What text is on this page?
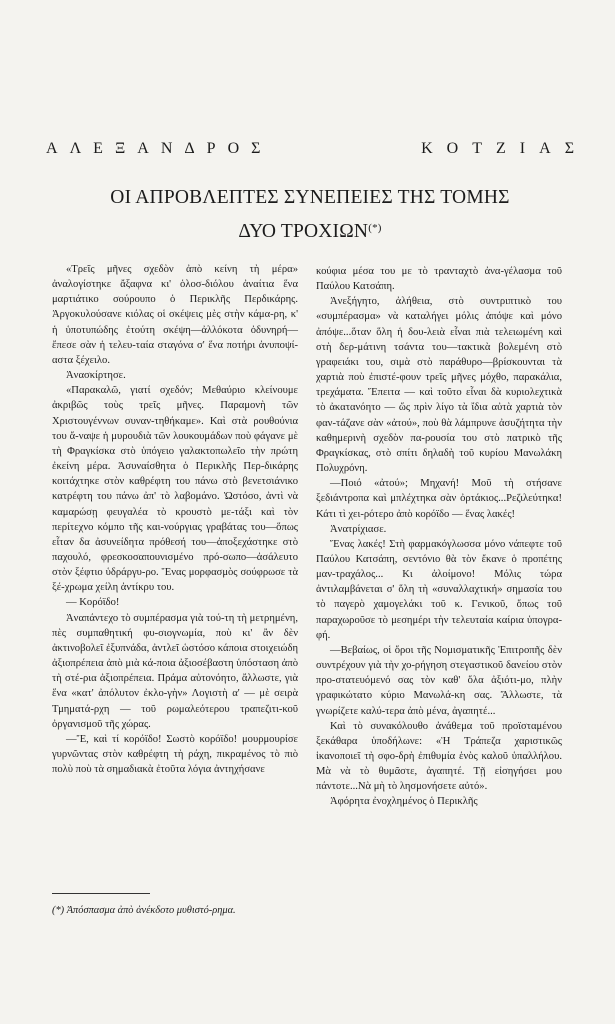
Α Λ Ε Ξ Α Ν Δ Ρ Ο Σ	Κ Ο Τ Ζ Ι Α Σ
ΟΙ ΑΠΡΟΒΛΕΠΤΕΣ ΣΥΝΕΠΕΙΕΣ ΤΗΣ ΤΟΜΗΣ
ΔΥΟ ΤΡΟΧΙΩΝ(*)

«Τρεῖς μῆνες σχεδὸν ἀπὸ κείνη τὴ μέρα» ἀναλογίστηκε ἄξαφνα κι' ὁλοσ-διόλου ἀναίτια ἕνα μαρτιάτικο σούρουπο ὁ Περικλῆς Περδικάρης. Ἀργοκυλούσανε κιόλας οἱ σκέψεις μὲς στὴν κάμα-ρη, κ' ἡ ὑποτυπώδης ἐτούτη σκέψη—ἀλλόκοτα ὀδυνηρή—ἔπεσε σὰν ἡ τελευ-ταία σταγόνα σ' ἕνα ποτήρι ἀνυποψί-αστα ξέχειλο.

Ἀνασκίρτησε.

«Παρακαλῶ, γιατί σχεδόν; Μεθαύριο κλείνουμε ἀκριβῶς τοὺς τρεῖς μῆνες. Παραμονὴ τῶν Χριστουγέννων συναν-τηθήκαμε». Καὶ στὰ ρουθούνια του ἄ-ναψε ἡ μυρουδιὰ τῶν λουκουμάδων ποὺ φάγανε μὲ τὴ Φραγκίσκα στὸ ὑπόγειο γαλακτοπωλεῖο τὴν πρώτη ἐκείνη μέρα. Ἀσυναίσθητα ὁ Περικλῆς Περ-δικάρης κοιτάχτηκε στὸν καθρέφτη του πάνω στὸ βενετσιάνικο κατρέφτη του πάνω ἀπ' τὸ λαβομάνο. Ὡστόσο, ἀντὶ νὰ καμαρώσῃ φευγαλέα τὸ κρουστὸ με-τάξι καὶ τὸν περίτεχνο κόμπο τῆς και-νούργιας γραβάτας του—ὅπως εἶταν δα ἀσυνείδητα πρόθεσή του—ἀποξεχάστηκε στὸ παχουλό, φρεσκοσαπουνισμένο πρό-σωπο—ἀσάλευτο στὸν ξέφτιο ὑδράργυ-ρο. Ἕνας μορφασμὸς σούφρωσε τὰ ξέ-χρωμα χείλη ἀντίκρυ του.

— Κορόϊδο!

Ἀναπάντεχο τὸ συμπέρασμα γιὰ τού-τη τὴ μετρημένη, πὲς συμπαθητική φυ-σιογνωμία, ποὺ κι' ἂν δὲν ἀκτινοβολεῖ ἐξυπνάδα, ἀντλεῖ ὡστόσο κάποια στοιχειώδη ἀξιοπρέπεια ἀπὸ μιὰ κά-ποια ἀξιοσέβαστη ὑπόσταση ἀπὸ τὴ στέ-ρια ἀξιοπρέπεια. Πράμα αὐτονόητο, ἄλλωστε, γιὰ ἕνα «κατ' ἀπόλυτον ἐκλο-γὴν» Λογιστὴ α' — μὲ σειρὰ Τμηματά-ρχη — τοῦ ρωμαλεότερου τραπεζιτι-κοῦ ὀργανισμοῦ τῆς χώρας.

—Ἔ, καὶ τί κορόϊδο! Σωστὸ κορόϊδο! μουρμουρίσε γυρνῶντας στὸν καθρέφτη τὴ ράχη, πικραμένος τὸ πιὸ πολὺ ποὺ τὰ σημαδιακὰ ἐτοῦτα λόγια ἀντηχήσανε

κούφια μέσα του με τὸ τρανταχτὸ ἀνα-γέλασμα τοῦ Παύλου Κατσάπη.

Ἀνεξήγητο, ἀλήθεια, στὸ συντριπτικὸ του «συμπέρασμα» νὰ καταλήγει μόλις ἀπόψε καὶ μόνο ἀπόψε...ὅταν ὅλη ἡ δου-λειὰ εἶναι πιὰ τελειωμένη καὶ στὴ δερ-μάτινη τσάντα του—τακτικὰ βολεμένη στὸ γραφειάκι του, σιμὰ στὸ παράθυρο—βρίσκουνται τὰ χαρτιὰ ποὺ ἐπιστέ-φουν τρεῖς μῆνες μόχθο, παρακάλια, τρεχάματα. Ἔπειτα — καὶ τοῦτο εἶναι δὰ κυριολεχτικὰ τὸ ἀκατανόητο — ὥς πρὶν λίγο τὰ ἴδια αὐτὰ χαρτιὰ τὸν φαν-τάζανε σὰν «ἀτού», ποὺ θὰ λάμπρυνε ἀσυζήτητα τὴν καθημερινὴ σχεδὸν πα-ρουσία του στὸ πατρικὸ τῆς Φραγκίσκας, στὸ σπίτι δηλαδὴ τοῦ κυρίου Μανωλάκη Πολυχρόνη.

—Ποιό «ἀτού»; Μηχανή! Μοῦ τὴ στήσανε ξεδιάντροπα καὶ μπλέχτηκα σὰν ὀρτάκιος...Ρεζιλεύτηκα! Κάτι τὶ χει-ρότερο ἀπὸ κορόϊδο — ἕνας λακές!

Ἀνατρίχιασε.

Ἕνας λακές! Στὴ φαρμακόγλωσσα μόνο νάπεφτε τοῦ Παύλου Κατσάπη, σεντόνιο θὰ τὸν ἔκανε ὁ προπέτης μαν-τραχάλος... Κι ἀλοίμονο! Μόλις τώρα ἀντιλαμβάνεται σ' ὅλη τὴ «συναλλαχτική» σημασία του τὸ παγερὸ χαμογελάκι τοῦ κ. Γενικοῦ, ὅπως τοῦ παραχωροῦσε τὸ μεσημέρι τὴν τελευταία καίρια ὑπογρα-φή.

—Βεβαίως, οἱ ὅροι τῆς Νομισματικῆς Ἐπιτροπῆς δὲν συντρέχουν γιὰ τὴν χο-ρήγηση στεγαστικοῦ δανείου στὸν προ-στατευόμενό σας τὸν καθ' ὅλα ἀξιότι-μο, πλὴν γραφικώτατο κύριο Μανωλά-κη σας. Ἄλλωστε, τὰ γνωρίζετε καλύ-τερα ἀπὸ μένα, ἀγαπητέ...

Καὶ τὸ συνακόλουθο ἀνάθεμα τοῦ προϊσταμένου ξεκάθαρα ὑποδήλωνε: «Ἡ Τράπεζα χαριστικῶς ἱκανοποιεῖ τὴ σφο-δρὴ ἐπιθυμία ἑνὸς καλοῦ ὑπαλλήλου. Μὰ νὰ τὸ θυμᾶστε, ἀγαπητέ. Τῇ εἰσηγήσει μου πάντοτε...Νὰ μὴ τὸ λησμονήσετε αὐτό».

Ἀφόρητα ἐνοχλημένος ὁ Περικλῆς

(*) Ἀπόσπασμα ἀπὸ ἀνέκδοτο μυθιστό-ρημα.
